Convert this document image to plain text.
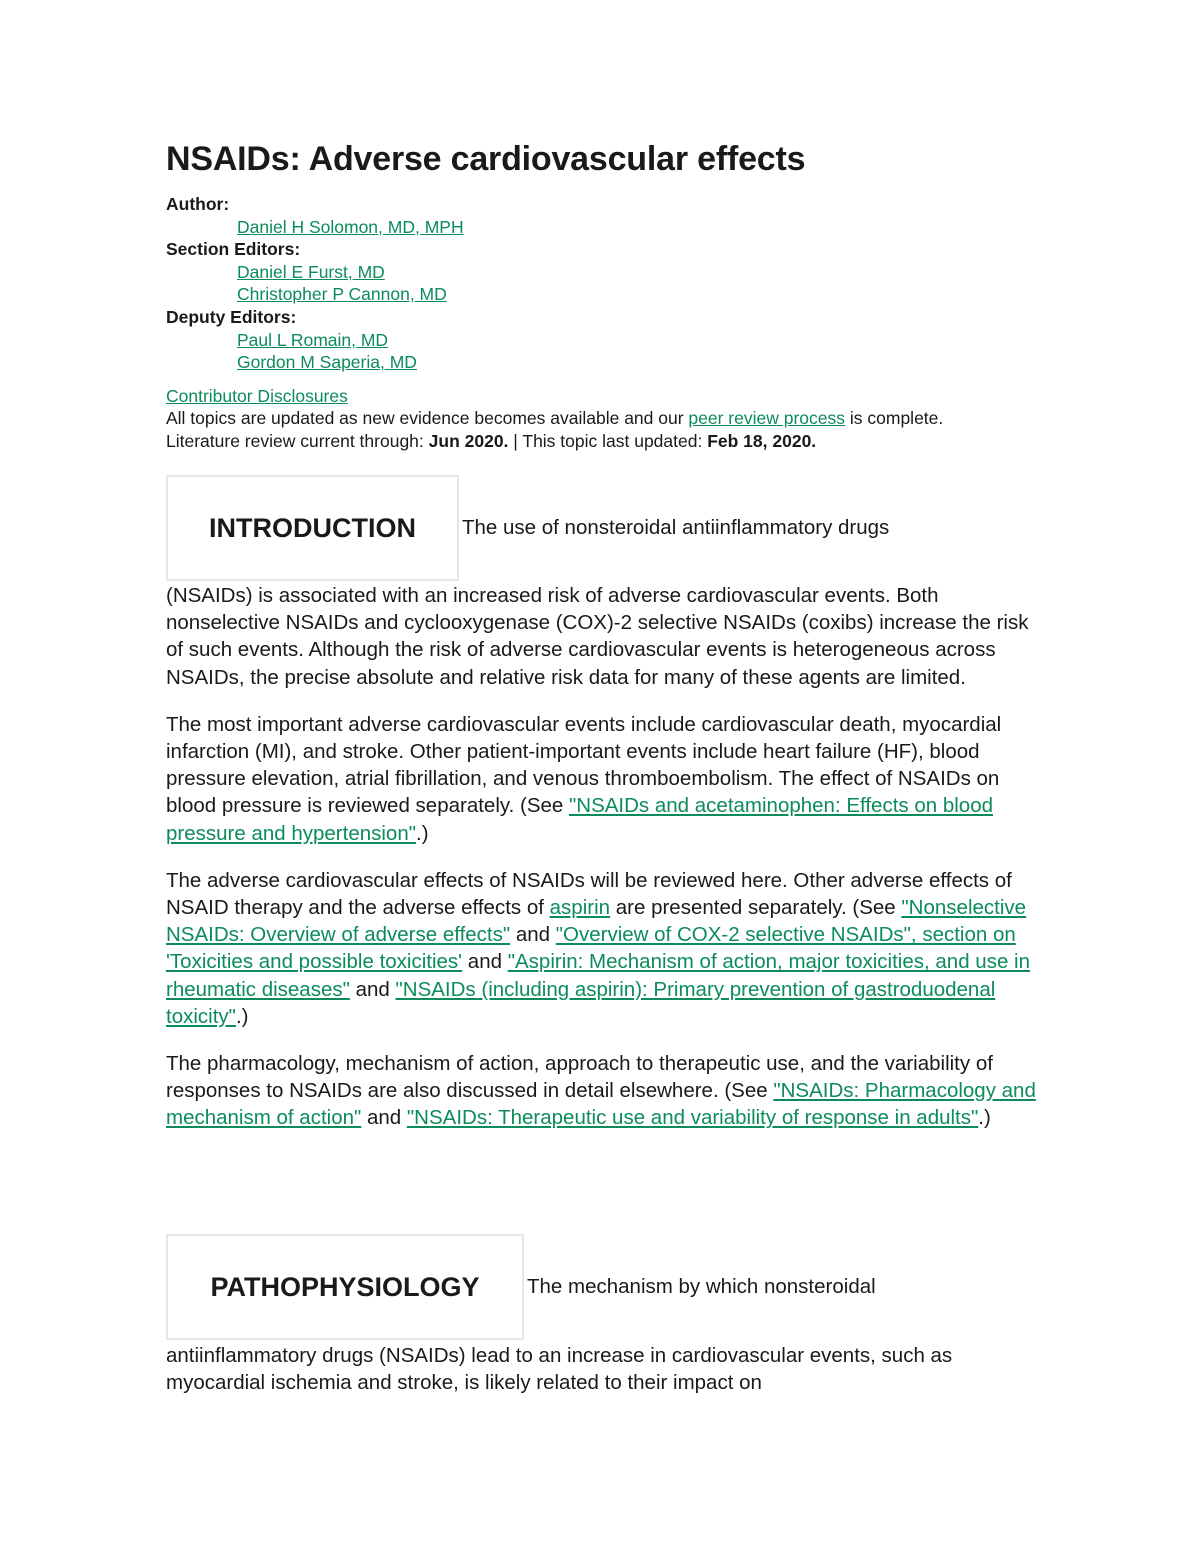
NSAIDs: Adverse cardiovascular effects
Author:
Daniel H Solomon, MD, MPH
Section Editors:
Daniel E Furst, MD
Christopher P Cannon, MD
Deputy Editors:
Paul L Romain, MD
Gordon M Saperia, MD

Contributor Disclosures

All topics are updated as new evidence becomes available and our peer review process is complete.

Literature review current through: Jun 2020. | This topic last updated: Feb 18, 2020.

INTRODUCTION	The use of nonsteroidal antiinflammatory drugs

(NSAIDs) is associated with an increased risk of adverse cardiovascular events. Both nonselective NSAIDs and cyclooxygenase (COX)-2 selective NSAIDs (coxibs) increase the risk of such events. Although the risk of adverse cardiovascular events is heterogeneous across NSAIDs, the precise absolute and relative risk data for many of these agents are limited.

The most important adverse cardiovascular events include cardiovascular death, myocardial infarction (MI), and stroke. Other patient-important events include heart failure (HF), blood pressure elevation, atrial fibrillation, and venous thromboembolism. The effect of NSAIDs on blood pressure is reviewed separately. (See "NSAIDs and acetaminophen: Effects on blood pressure and hypertension".)

The adverse cardiovascular effects of NSAIDs will be reviewed here. Other adverse effects of NSAID therapy and the adverse effects of aspirin are presented separately. (See "Nonselective NSAIDs: Overview of adverse effects" and "Overview of COX-2 selective NSAIDs", section on 'Toxicities and possible toxicities' and "Aspirin: Mechanism of action, major toxicities, and use in rheumatic diseases" and "NSAIDs (including aspirin): Primary prevention of gastroduodenal toxicity".)

The pharmacology, mechanism of action, approach to therapeutic use, and the variability of responses to NSAIDs are also discussed in detail elsewhere. (See "NSAIDs: Pharmacology and mechanism of action" and "NSAIDs: Therapeutic use and variability of response in adults".)

PATHOPHYSIOLOGY	The mechanism by which nonsteroidal

antiinflammatory drugs (NSAIDs) lead to an increase in cardiovascular events, such as myocardial ischemia and stroke, is likely related to their impact on
